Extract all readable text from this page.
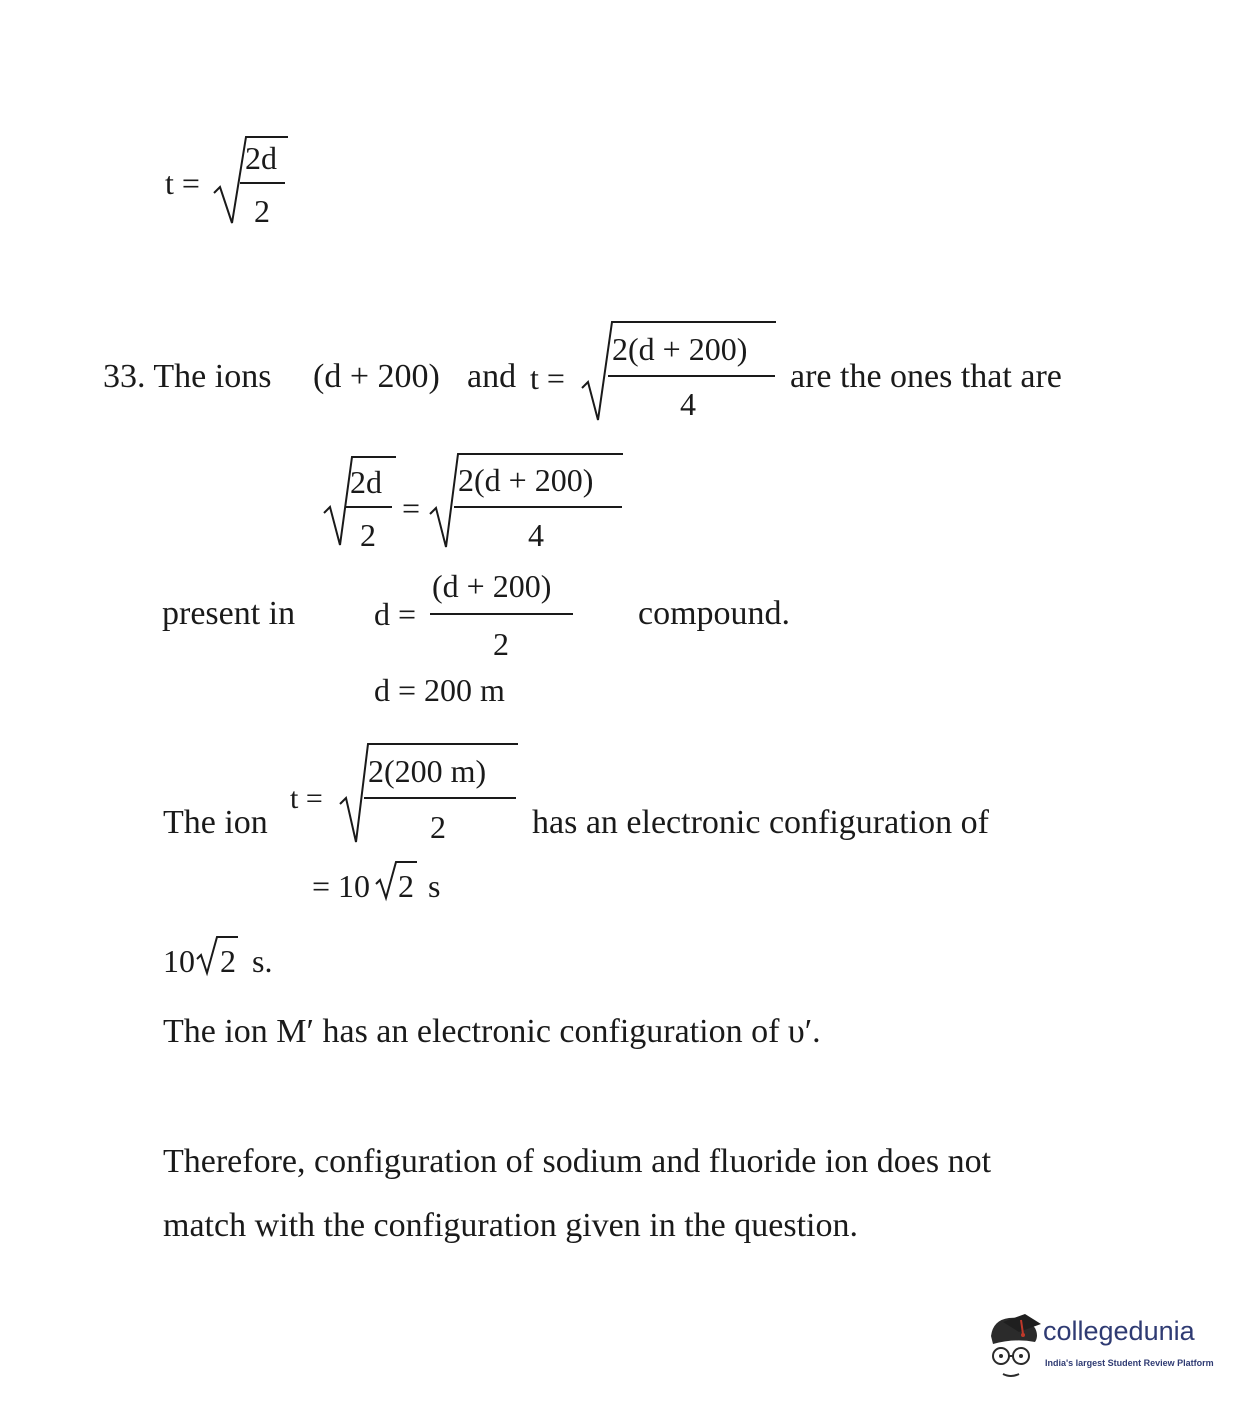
t =
2d
2
33. The ions (d + 200) and t =
2(d + 200)
4
are the ones that are
2d
2
=
2(d + 200)
4
present in d =
(d + 200)
2
compound.
d = 200 m
The ion
t =
2(200 m)
2	has an electronic configuration of
= 10 2 s
10 2 s.
The ion M′ has an electronic configuration of υ′.
Therefore, configuration of sodium and fluoride ion does not
match with the configuration given in the question.
collegedunia
India's largest Student Review Platform
